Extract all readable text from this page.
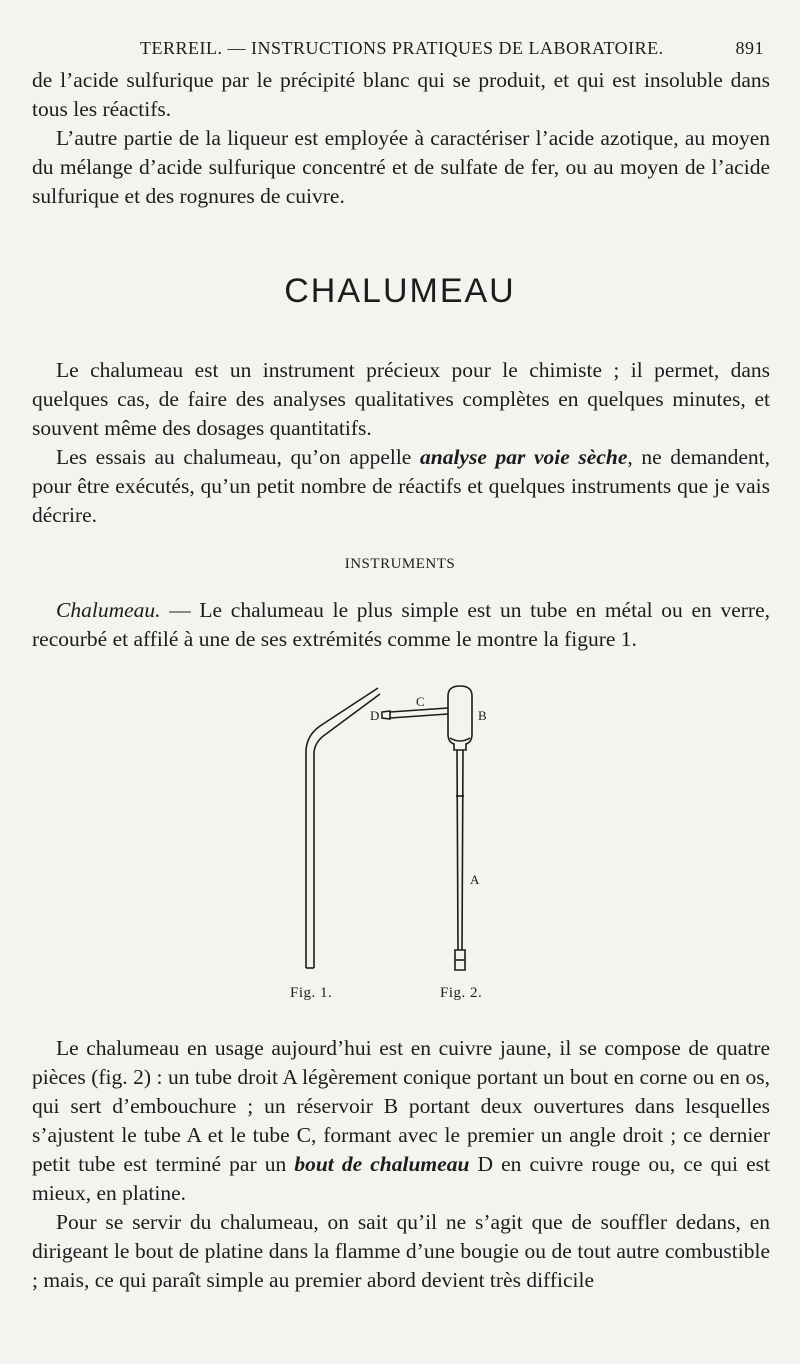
TERREIL. — INSTRUCTIONS PRATIQUES DE LABORATOIRE.	891

de l’acide sulfurique par le précipité blanc qui se produit, et qui est insoluble dans tous les réactifs.

L’autre partie de la liqueur est employée à caractériser l’acide azotique, au moyen du mélange d’acide sulfurique concentré et de sulfate de fer, ou au moyen de l’acide sulfurique et des rognures de cuivre.

CHALUMEAU

Le chalumeau est un instrument précieux pour le chimiste ; il permet, dans quelques cas, de faire des analyses qualitatives complètes en quelques minutes, et souvent même des dosages quantitatifs.

Les essais au chalumeau, qu’on appelle analyse par voie sèche, ne demandent, pour être exécutés, qu’un petit nombre de réactifs et quelques instruments que je vais décrire.

INSTRUMENTS

Chalumeau. — Le chalumeau le plus simple est un tube en métal ou en verre, recourbé et affilé à une de ses extrémités comme le montre la figure 1.

D
C
B
A
Fig. 1.	Fig. 2.

Le chalumeau en usage aujourd’hui est en cuivre jaune, il se compose de quatre pièces (fig. 2) : un tube droit A légèrement conique portant un bout en corne ou en os, qui sert d’embouchure ; un réservoir B portant deux ouvertures dans lesquelles s’ajustent le tube A et le tube C, formant avec le premier un angle droit ; ce dernier petit tube est terminé par un bout de chalumeau D en cuivre rouge ou, ce qui est mieux, en platine.

Pour se servir du chalumeau, on sait qu’il ne s’agit que de souffler dedans, en dirigeant le bout de platine dans la flamme d’une bougie ou de tout autre combustible ; mais, ce qui paraît simple au premier abord devient très difficile
